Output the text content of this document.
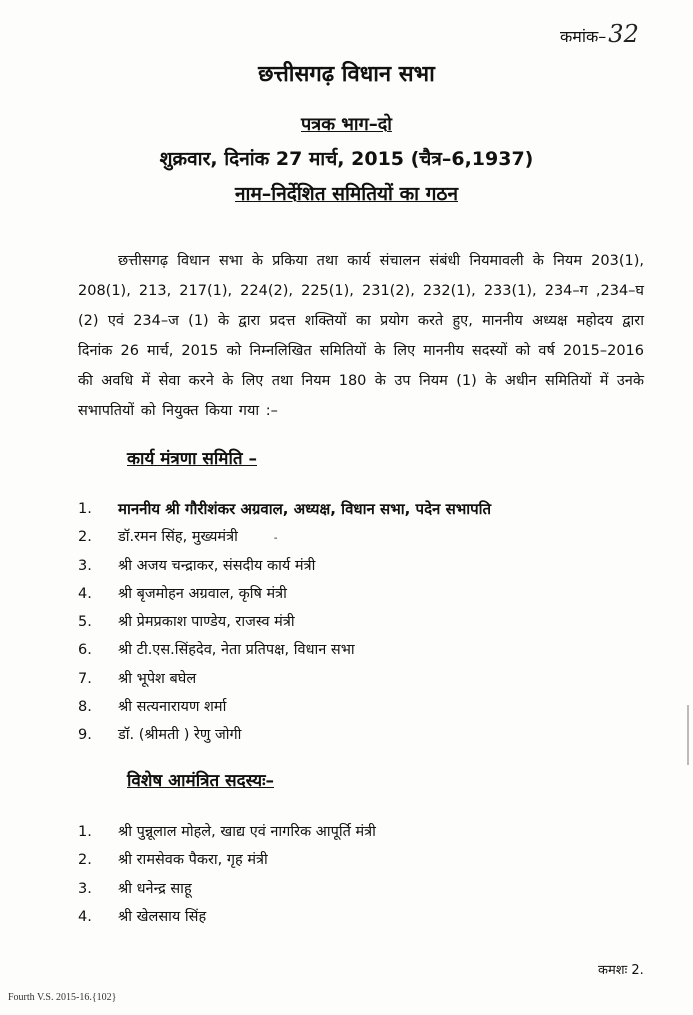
कमांक–32
छत्तीसगढ़ विधान सभा
पत्रक भाग–दो
शुक्रवार, दिनांक 27 मार्च, 2015 (चैत्र–6,1937)
नाम–निर्देशित समितियों का गठन
छत्तीसगढ़ विधान सभा के प्रकिया तथा कार्य संचालन संबंधी नियमावली के नियम 203(1), 208(1), 213, 217(1), 224(2), 225(1), 231(2), 232(1), 233(1), 234–ग ,234–घ (2) एवं 234–ज (1) के द्वारा प्रदत्त शक्तियों का प्रयोग करते हुए, माननीय अध्यक्ष महोदय द्वारा दिनांक 26 मार्च, 2015 को निम्नलिखित समितियों के लिए माननीय सदस्यों को वर्ष 2015–2016 की अवधि में सेवा करने के लिए तथा नियम 180 के उप नियम (1) के अधीन समितियों में उनके सभापतियों को नियुक्त किया गया :–
कार्य मंत्रणा समिति –
1.	माननीय श्री गौरीशंकर अग्रवाल, अध्यक्ष, विधान सभा, पदेन सभापति
2.	डॉ.रमन सिंह, मुख्यमंत्री	-
3.	श्री अजय चन्द्राकर, संसदीय कार्य मंत्री
4.	श्री बृजमोहन अग्रवाल, कृषि मंत्री
5.	श्री प्रेमप्रकाश पाण्डेय, राजस्व मंत्री
6.	श्री टी.एस.सिंहदेव, नेता प्रतिपक्ष, विधान सभा
7.	श्री भूपेश बघेल
8.	श्री सत्यनारायण शर्मा
9.	डॉ. (श्रीमती ) रेणु जोगी
विशेष आमंत्रित सदस्यः–
1.	श्री पुन्नूलाल मोहले, खाद्य एवं नागरिक आपूर्ति मंत्री
2.	श्री रामसेवक पैकरा, गृह मंत्री
3.	श्री धनेन्द्र साहू
4.	श्री खेलसाय सिंह
कमशः 2.
Fourth V.S. 2015-16.{102}
